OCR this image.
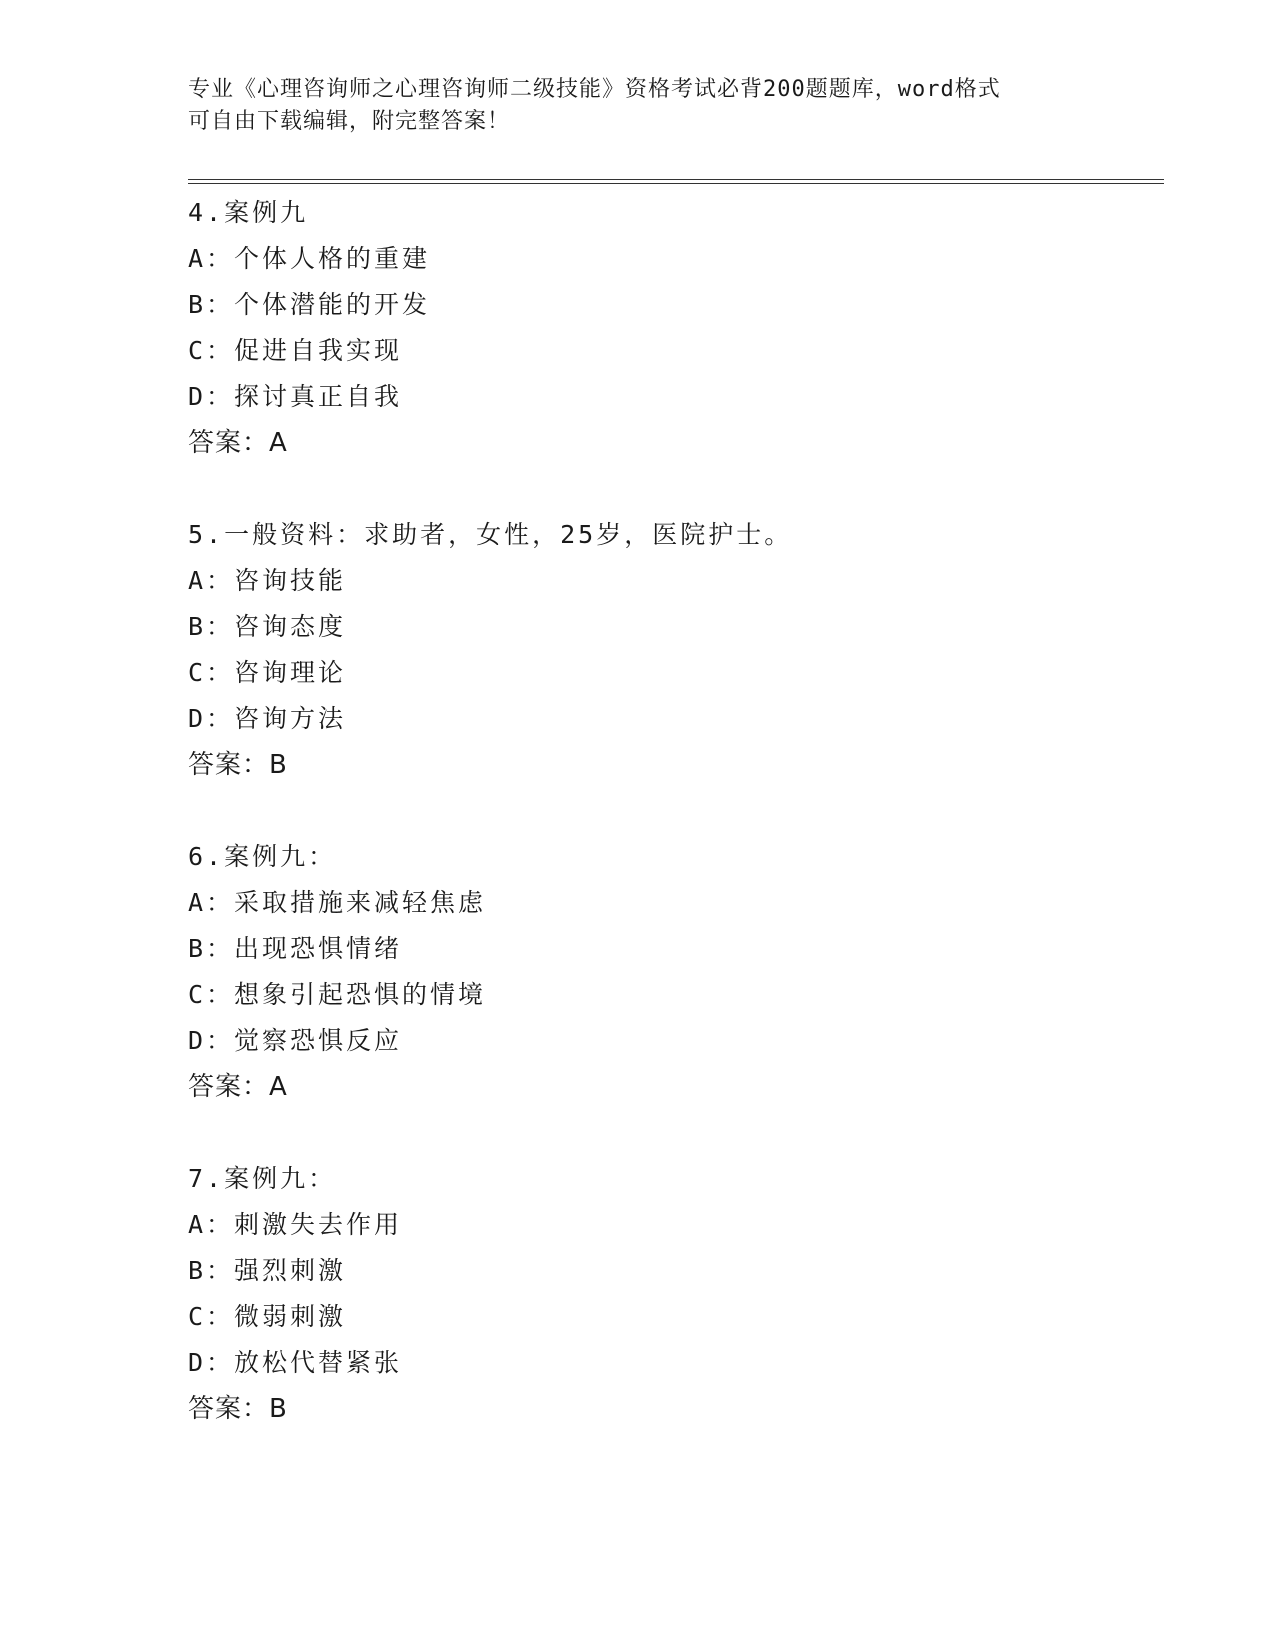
专业《心理咨询师之心理咨询师二级技能》资格考试必背200题题库，word格式
可自由下载编辑，附完整答案！
4.案例九
A：个体人格的重建
B：个体潜能的开发
C：促进自我实现
D：探讨真正自我
答案：A
5.一般资料：求助者，女性，25岁，医院护士。
A：咨询技能
B：咨询态度
C：咨询理论
D：咨询方法
答案：B
6.案例九：
A：采取措施来减轻焦虑
B：出现恐惧情绪
C：想象引起恐惧的情境
D：觉察恐惧反应
答案：A
7.案例九：
A：刺激失去作用
B：强烈刺激
C：微弱刺激
D：放松代替紧张
答案：B
